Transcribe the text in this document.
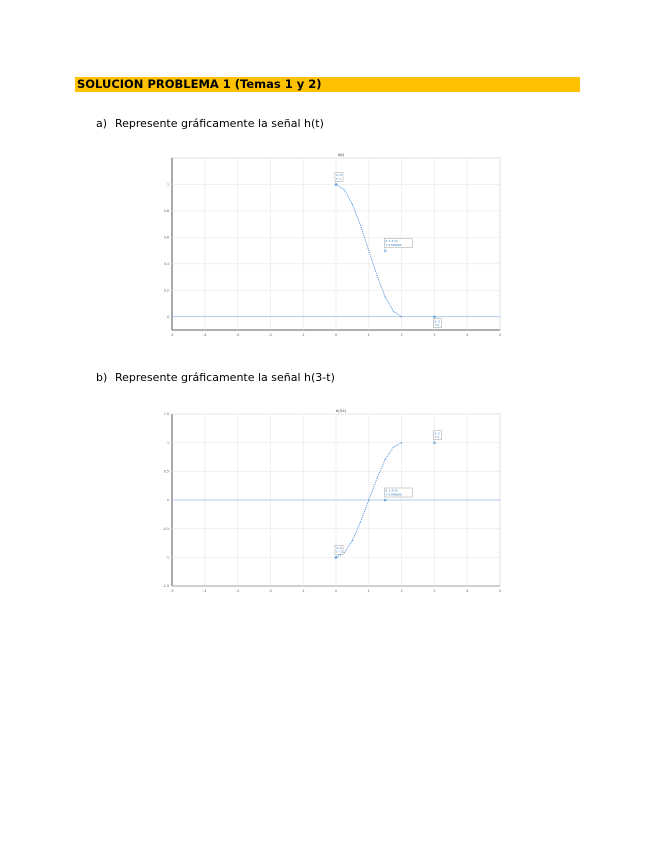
SOLUCION PROBLEMA 1 (Temas 1 y 2)
a) Represente gráficamente la señal h(t)
-5	-4	-3	-2	-1	0	1	2	3	4	5
0
0.2
0.4
0.6
0.8
1
h(t)
X: 0
Y: 1
X: 1.5 (h)
Y: 0.500000
X: 3
Y: 0
b) Represente gráficamente la señal h(3-t)
-5	-4	-3	-2	-1	0	1	2	3	4	5
-1.5
-1
-0.5
0
0.5
1
1.5
h(3-t)
X: 0
Y: -1
X: 1.5 (h)
Y: 0.000000
X: 3
Y: 1
